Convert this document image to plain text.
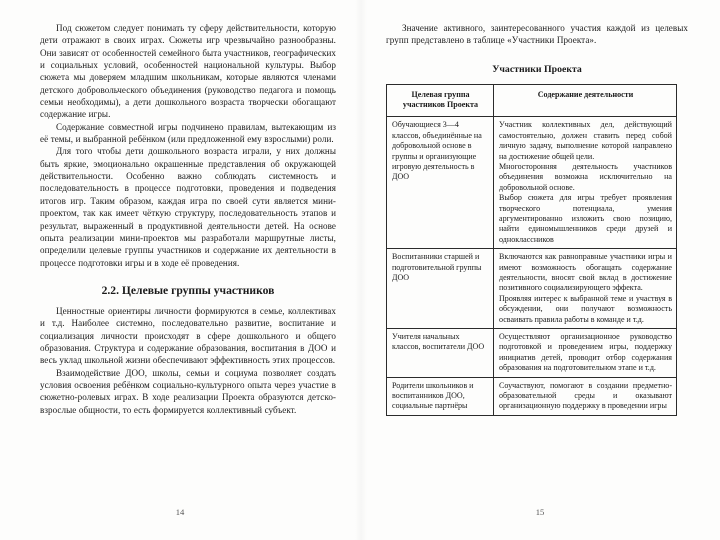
Под сюжетом следует понимать ту сферу действительности, которую дети отражают в своих играх. Сюжеты игр чрезвычайно разнообразны. Они зависят от особенностей семейного быта участников, географических и социальных условий, особенностей национальной культуры. Выбор сюжета мы доверяем младшим школьникам, которые являются членами детского добровольческого объединения (руководство педагога и помощь семьи необходимы), а дети дошкольного возраста творчески обогащают содержание игры.

Содержание совместной игры подчинено правилам, вытекающим из её темы, и выбранной ребёнком (или предложенной ему взрослыми) роли.

Для того чтобы дети дошкольного возраста играли, у них должны быть яркие, эмоционально окрашенные представления об окружающей действительности. Особенно важно соблюдать системность и последовательность в процессе подготовки, проведения и подведения итогов игр. Таким образом, каждая игра по своей сути является мини-проектом, так как имеет чёткую структуру, последовательность этапов и результат, выраженный в продуктивной деятельности детей. На основе опыта реализации мини-проектов мы разработали маршрутные листы, определили целевые группы участников и содержание их деятельности в процессе подготовки игры и в ходе её проведения.

2.2. Целевые группы участников

Ценностные ориентиры личности формируются в семье, коллективах и т.д. Наиболее системно, последовательно развитие, воспитание и социализация личности происходят в сфере дошкольного и общего образования. Структура и содержание образования, воспитания в ДОО и весь уклад школьной жизни обеспечивают эффективность этих процессов.

Взаимодействие ДОО, школы, семьи и социума позволяет создать условия освоения ребёнком социально-культурного опыта через участие в сюжетно-ролевых играх. В ходе реализации Проекта образуются детско-взрослые общности, то есть формируется коллективный субъект.

14

Значение активного, заинтересованного участия каждой из целевых групп представлено в таблице «Участники Проекта».

Участники Проекта
Целевая группа участников Проекта	Содержание деятельности
Обучающиеся 3—4 классов, объединённые на добровольной основе в группы и организующие игровую деятельность в ДОО	Участник коллективных дел, действующий самостоятельно, должен ставить перед собой личную задачу, выполнение которой направлено на достижение общей цели.
Многосторонняя деятельность участников объединения возможна исключительно на добровольной основе.
Выбор сюжета для игры требует проявления творческого потенциала, умения аргументированно изложить свою позицию, найти единомышленников среди друзей и одноклассников

Воспитанники старшей и подготовительной группы ДОО	Включаются как равноправные участники игры и имеют возможность обогащать содержание деятельности, вносят свой вклад в достижение позитивного социализирующего эффекта.
Проявляя интерес к выбранной теме и участвуя в обсуждении, они получают возможность осваивать правила работы в команде и т.д.

Учителя начальных классов, воспитатели ДОО	Осуществляют организационное руководство подготовкой и проведением игры, поддержку инициатив детей, проводит отбор содержания образования на подготовительном этапе и т.д.

Родители школьников и воспитанников ДОО, социальные партнёры	Соучаствуют, помогают в создании предметно-образовательной среды и оказывают организационную поддержку в проведении игры
15
